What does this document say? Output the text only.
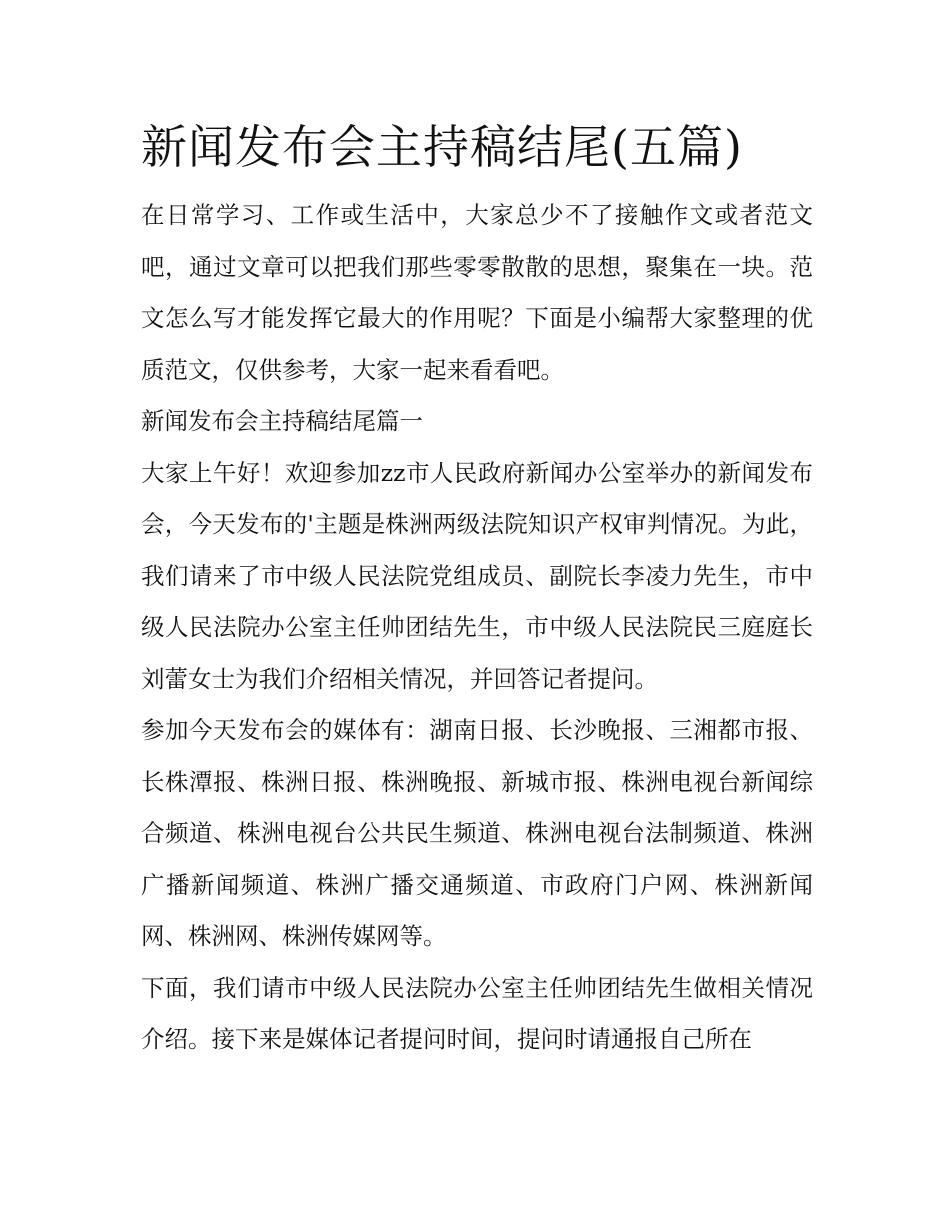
新闻发布会主持稿结尾(五篇)

在日常学习、工作或生活中，大家总少不了接触作文或者范文吧，通过文章可以把我们那些零零散散的思想，聚集在一块。范文怎么写才能发挥它最大的作用呢？下面是小编帮大家整理的优质范文，仅供参考，大家一起来看看吧。

新闻发布会主持稿结尾篇一

大家上午好！欢迎参加zz市人民政府新闻办公室举办的新闻发布会，今天发布的'主题是株洲两级法院知识产权审判情况。为此，我们请来了市中级人民法院党组成员、副院长李凌力先生，市中级人民法院办公室主任帅团结先生，市中级人民法院民三庭庭长刘蕾女士为我们介绍相关情况，并回答记者提问。

参加今天发布会的媒体有：湖南日报、长沙晚报、三湘都市报、长株潭报、株洲日报、株洲晚报、新城市报、株洲电视台新闻综合频道、株洲电视台公共民生频道、株洲电视台法制频道、株洲广播新闻频道、株洲广播交通频道、市政府门户网、株洲新闻网、株洲网、株洲传媒网等。

下面，我们请市中级人民法院办公室主任帅团结先生做相关情况介绍。接下来是媒体记者提问时间，提问时请通报自己所在
